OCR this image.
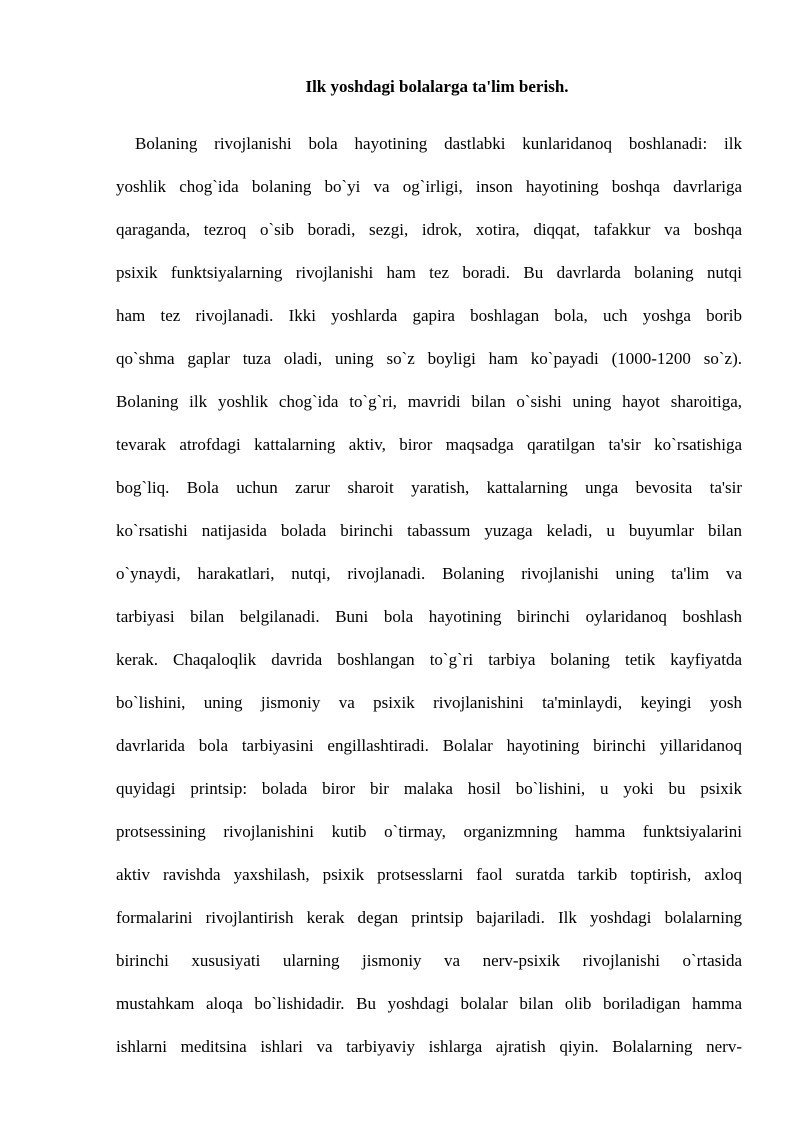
Ilk yoshdagi bolalarga ta'lim berish.
Bolaning rivojlanishi bola hayotining dastlabki kunlaridanoq boshlanadi: ilk
yoshlik chog`ida bolaning bo`yi va og`irligi, inson hayotining boshqa davrlariga
qaraganda, tezroq o`sib boradi, sezgi, idrok, xotira, diqqat, tafakkur va boshqa
psixik funktsiyalarning rivojlanishi ham tez boradi. Bu davrlarda bolaning nutqi
ham tez rivojlanadi. Ikki yoshlarda gapira boshlagan bola, uch yoshga borib
qo`shma gaplar tuza oladi, uning so`z boyligi ham ko`payadi (1000-1200 so`z).
Bolaning ilk yoshlik chog`ida to`g`ri, mavridi bilan o`sishi uning hayot sharoitiga,
tevarak atrofdagi kattalarning aktiv, biror maqsadga qaratilgan ta'sir ko`rsatishiga
bog`liq. Bola uchun zarur sharoit yaratish, kattalarning unga bevosita ta'sir
ko`rsatishi natijasida bolada birinchi tabassum yuzaga keladi, u buyumlar bilan
o`ynaydi, harakatlari, nutqi, rivojlanadi. Bolaning rivojlanishi uning ta'lim va
tarbiyasi bilan belgilanadi. Buni bola hayotining birinchi oylaridanoq boshlash
kerak. Chaqaloqlik davrida boshlangan to`g`ri tarbiya bolaning tetik kayfiyatda
bo`lishini, uning jismoniy va psixik rivojlanishini ta'minlaydi, keyingi yosh
davrlarida bola tarbiyasini engillashtiradi. Bolalar hayotining birinchi yillaridanoq
quyidagi printsip: bolada biror bir malaka hosil bo`lishini, u yoki bu psixik
protsessining rivojlanishini kutib o`tirmay, organizmning hamma funktsiyalarini
aktiv ravishda yaxshilash, psixik protsesslarni faol suratda tarkib toptirish, axloq
formalarini rivojlantirish kerak degan printsip bajariladi. Ilk yoshdagi bolalarning
birinchi xususiyati ularning jismoniy va nerv-psixik rivojlanishi o`rtasida
mustahkam aloqa bo`lishidadir. Bu yoshdagi bolalar bilan olib boriladigan hamma
ishlarni meditsina ishlari va tarbiyaviy ishlarga ajratish qiyin. Bolalarning nerv-
